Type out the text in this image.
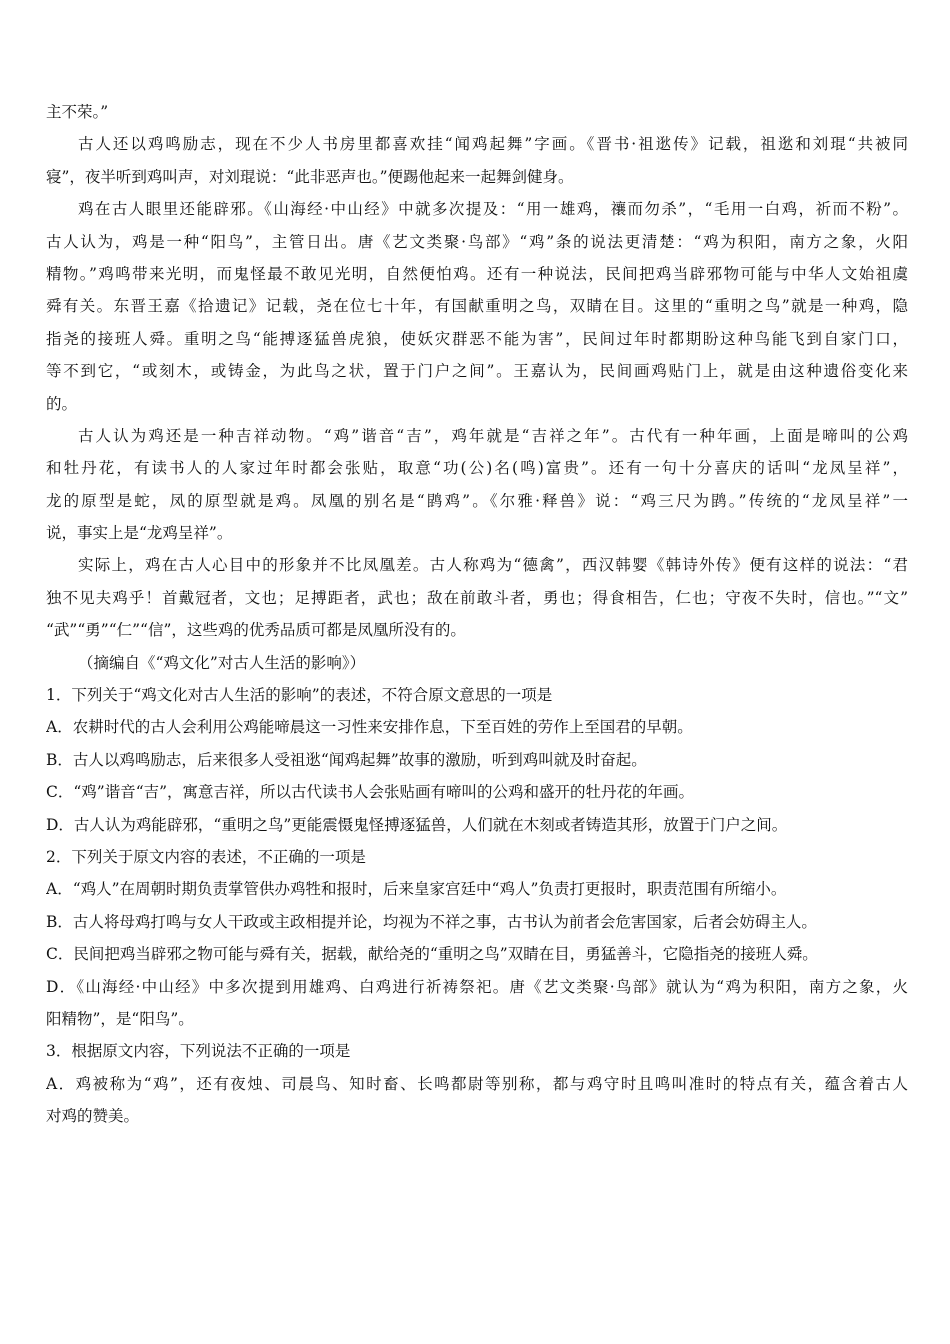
主不荣。”
古人还以鸡鸣励志，现在不少人书房里都喜欢挂“闻鸡起舞”字画。《晋书·祖逖传》记载，祖逖和刘琨“共被同
寝”，夜半听到鸡叫声，对刘琨说：“此非恶声也。”便踢他起来一起舞剑健身。
鸡在古人眼里还能辟邪。《山海经·中山经》中就多次提及：“用一雄鸡，禳而勿杀”，“毛用一白鸡，祈而不粉”。
古人认为，鸡是一种“阳鸟”，主管日出。唐《艺文类聚·鸟部》“鸡”条的说法更清楚：“鸡为积阳，南方之象，火阳
精物。”鸡鸣带来光明，而鬼怪最不敢见光明，自然便怕鸡。还有一种说法，民间把鸡当辟邪物可能与中华人文始祖虞
舜有关。东晋王嘉《拾遗记》记载，尧在位七十年，有国献重明之鸟，双睛在目。这里的“重明之鸟”就是一种鸡，隐
指尧的接班人舜。重明之鸟“能搏逐猛兽虎狼，使妖灾群恶不能为害”，民间过年时都期盼这种鸟能飞到自家门口，
等不到它，“或刻木，或铸金，为此鸟之状，置于门户之间”。王嘉认为，民间画鸡贴门上，就是由这种遗俗变化来
的。
古人认为鸡还是一种吉祥动物。“鸡”谐音“吉”，鸡年就是“吉祥之年”。古代有一种年画，上面是啼叫的公鸡
和牡丹花，有读书人的人家过年时都会张贴，取意“功(公)名(鸣)富贵”。还有一句十分喜庆的话叫“龙凤呈祥”，
龙的原型是蛇，凤的原型就是鸡。凤凰的别名是“鹍鸡”。《尔雅·释兽》说：“鸡三尺为鹍。”传统的“龙凤呈祥”一
说，事实上是“龙鸡呈祥”。
实际上，鸡在古人心目中的形象并不比凤凰差。古人称鸡为“德禽”，西汉韩婴《韩诗外传》便有这样的说法：“君
独不见夫鸡乎！首戴冠者，文也；足搏距者，武也；敌在前敢斗者，勇也；得食相告，仁也；守夜不失时，信也。”“文”
“武”“勇”“仁”“信”，这些鸡的优秀品质可都是凤凰所没有的。
（摘编自《“鸡文化”对古人生活的影响》）
1．下列关于“鸡文化对古人生活的影响”的表述，不符合原文意思的一项是
A．农耕时代的古人会利用公鸡能啼晨这一习性来安排作息，下至百姓的劳作上至国君的早朝。
B．古人以鸡鸣励志，后来很多人受祖逖“闻鸡起舞”故事的激励，听到鸡叫就及时奋起。
C．“鸡”谐音“吉”，寓意吉祥，所以古代读书人会张贴画有啼叫的公鸡和盛开的牡丹花的年画。
D．古人认为鸡能辟邪，“重明之鸟”更能震慑鬼怪搏逐猛兽，人们就在木刻或者铸造其形，放置于门户之间。
2．下列关于原文内容的表述，不正确的一项是
A．“鸡人”在周朝时期负责掌管供办鸡牲和报时，后来皇家宫廷中“鸡人”负责打更报时，职责范围有所缩小。
B．古人将母鸡打鸣与女人干政或主政相提并论，均视为不祥之事，古书认为前者会危害国家，后者会妨碍主人。
C．民间把鸡当辟邪之物可能与舜有关，据载，献给尧的“重明之鸟”双睛在目，勇猛善斗，它隐指尧的接班人舜。
D．《山海经·中山经》中多次提到用雄鸡、白鸡进行祈祷祭祀。唐《艺文类聚·鸟部》就认为“鸡为积阳，南方之象，火
阳精物”，是“阳鸟”。
3．根据原文内容，下列说法不正确的一项是
A．鸡被称为“鸡”，还有夜烛、司晨鸟、知时畜、长鸣都尉等别称，都与鸡守时且鸣叫准时的特点有关，蕴含着古人
对鸡的赞美。
